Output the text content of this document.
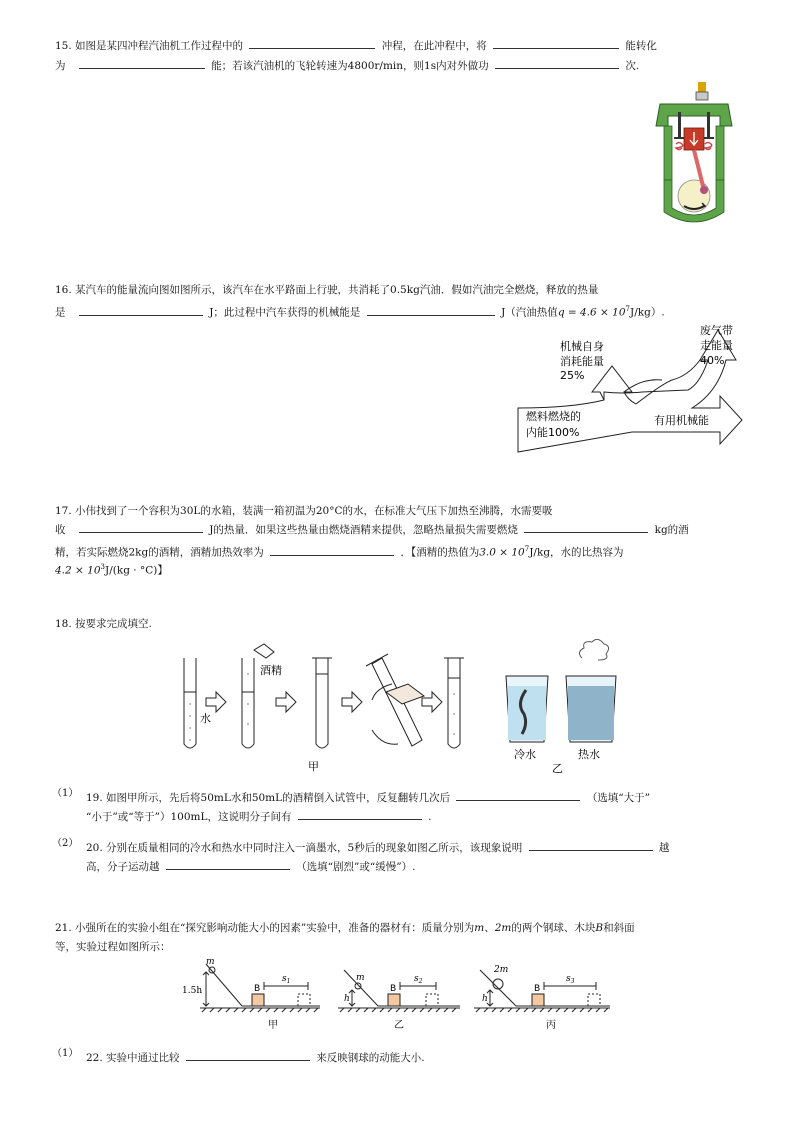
15. 如图是某四冲程汽油机工作过程中的	冲程，在此冲程中，将	能转化
为	能；若该汽油机的飞轮转速为4800r/min，则1s内对外做功	次.
16. 某汽车的能量流向图如图所示，该汽车在水平路面上行驶，共消耗了0.5kg汽油．假如汽油完全燃烧，释放的热量
是	J；此过程中汽车获得的机械能是	J（汽油热值$q = 4.6 \times 10^7J/kg$）.
燃料燃烧的
内能100%
机械自身
消耗能量
25%
废气带
走能量
40%
有用机械能
17. 小伟找到了一个容积为30L的水箱，装满一箱初温为20°C的水，在标准大气压下加热至沸腾，水需要吸
收	J的热量．如果这些热量由燃烧酒精来提供，忽略热量损失需要燃烧	kg的酒
精，若实际燃烧2kg的酒精，酒精加热效率为	．【酒精的热值为$3.0 \times 10^7J/kg$，水的比热容为
$4.2 \times 10^3J/(kg \cdot ^\circ C)$】
18. 按要求完成填空.
水
酒精
甲
冷水	热水
乙
（1） 19. 如图甲所示，先后将50mL水和50mL的酒精倒入试管中，反复翻转几次后	（选填“大于”
“小于”或“等于”）100mL，这说明分子间有	.
（2） 20. 分别在质量相同的冷水和热水中同时注入一滴墨水，5秒后的现象如图乙所示，该现象说明	越
高，分子运动越	（选填“剧烈”或“缓慢”）.
21. 小强所在的实验小组在“探究影响动能大小的因素”实验中，准备的器材有：质量分别为m、2m的两个钢球、木块B和斜面
等，实验过程如图所示：
m
1.5h	B
$s_1$
甲
m
h
B
$s_2$
乙
2m
h
B
$s_3$
丙
（1） 22. 实验中通过比较	来反映钢球的动能大小.
